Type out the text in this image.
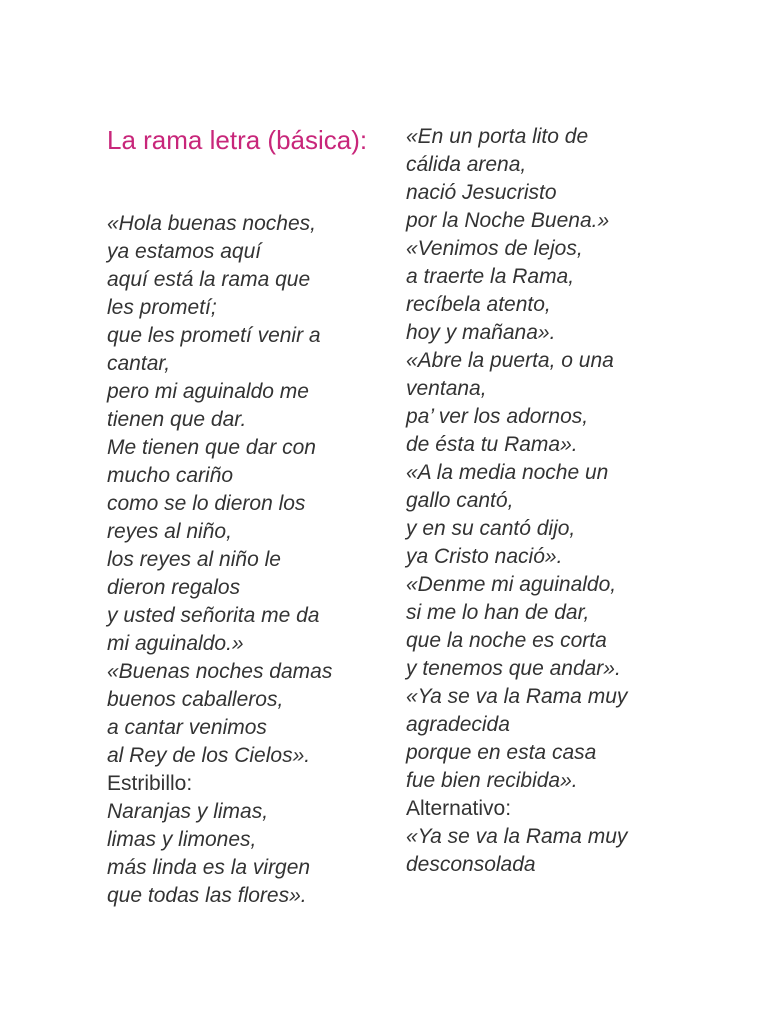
La rama letra (básica):
«Hola buenas noches,
ya estamos aquí
aquí está la rama que
les prometí;
que les prometí venir a
cantar,
pero mi aguinaldo me
tienen que dar.
Me tienen que dar con
mucho cariño
como se lo dieron los
reyes al niño,
los reyes al niño le
dieron regalos
y usted señorita me da
mi aguinaldo.»
«Buenas noches damas
buenos caballeros,
a cantar venimos
al Rey de los Cielos».
Estribillo:
Naranjas y limas,
limas y limones,
más linda es la virgen
que todas las flores».
«En un porta lito de
cálida arena,
nació Jesucristo
por la Noche Buena.»
«Venimos de lejos,
a traerte la Rama,
recíbela atento,
hoy y mañana».
«Abre la puerta, o una
ventana,
pa’ ver los adornos,
de ésta tu Rama».
«A la media noche un
gallo cantó,
y en su cantó dijo,
ya Cristo nació».
«Denme mi aguinaldo,
si me lo han de dar,
que la noche es corta
y tenemos que andar».
«Ya se va la Rama muy
agradecida
porque en esta casa
fue bien recibida».
Alternativo:
«Ya se va la Rama muy
desconsolada
